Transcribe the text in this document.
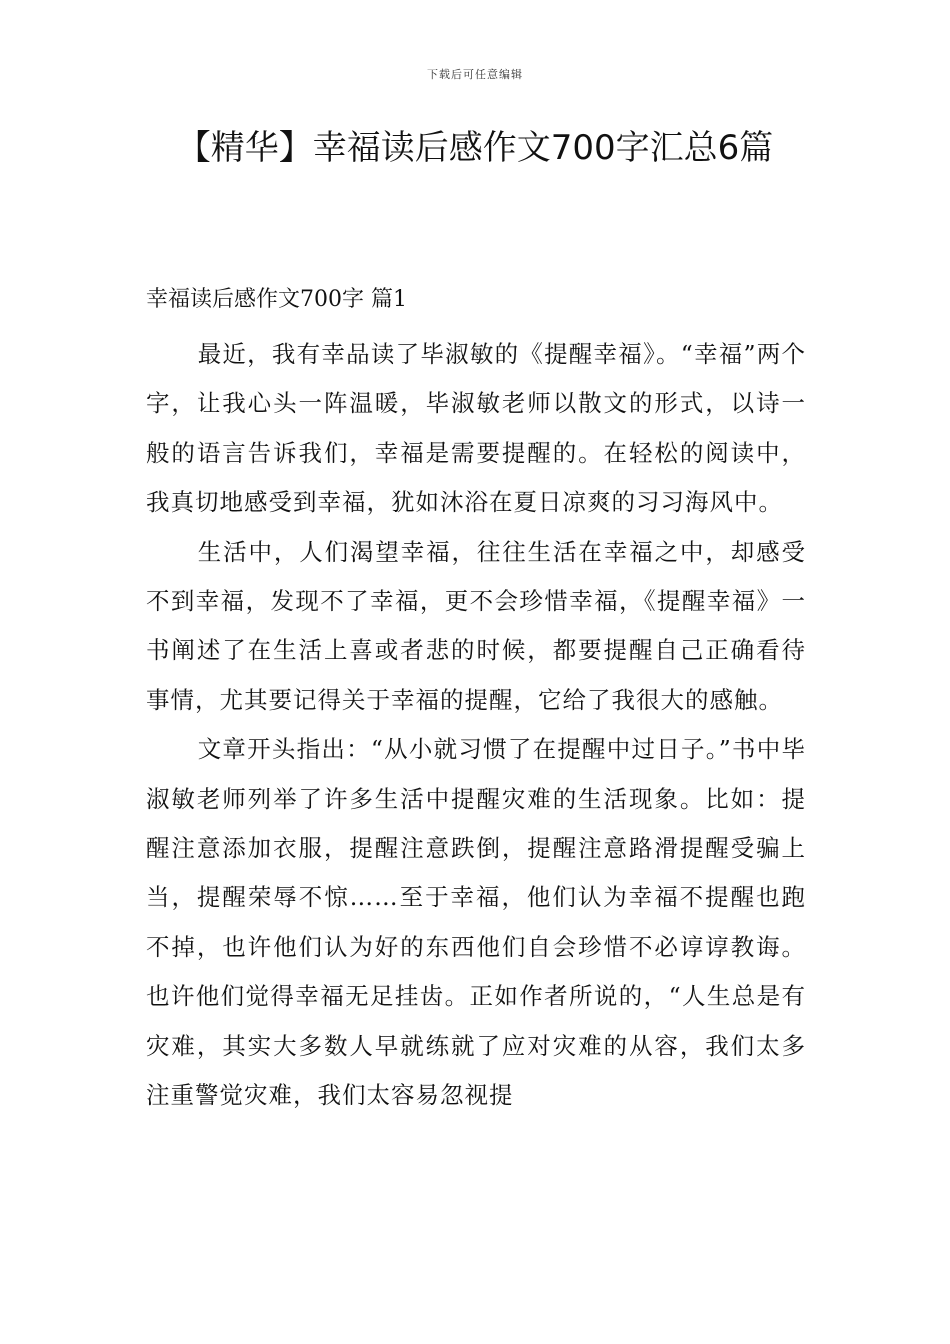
下载后可任意编辑
【精华】幸福读后感作文700字汇总6篇
幸福读后感作文700字 篇1

最近，我有幸品读了毕淑敏的《提醒幸福》。“幸福”两个字，让我心头一阵温暖，毕淑敏老师以散文的形式，以诗一般的语言告诉我们，幸福是需要提醒的。在轻松的阅读中，我真切地感受到幸福，犹如沐浴在夏日凉爽的习习海风中。

生活中，人们渴望幸福，往往生活在幸福之中，却感受不到幸福，发现不了幸福，更不会珍惜幸福，《提醒幸福》一书阐述了在生活上喜或者悲的时候，都要提醒自己正确看待事情，尤其要记得关于幸福的提醒，它给了我很大的感触。

文章开头指出：“从小就习惯了在提醒中过日子。”书中毕淑敏老师列举了许多生活中提醒灾难的生活现象。比如：提醒注意添加衣服，提醒注意跌倒，提醒注意路滑提醒受骗上当，提醒荣辱不惊……至于幸福，他们认为幸福不提醒也跑不掉，也许他们认为好的东西他们自会珍惜不必谆谆教诲。也许他们觉得幸福无足挂齿。正如作者所说的，“人生总是有灾难，其实大多数人早就练就了应对灾难的从容，我们太多注重警觉灾难，我们太容易忽视提
